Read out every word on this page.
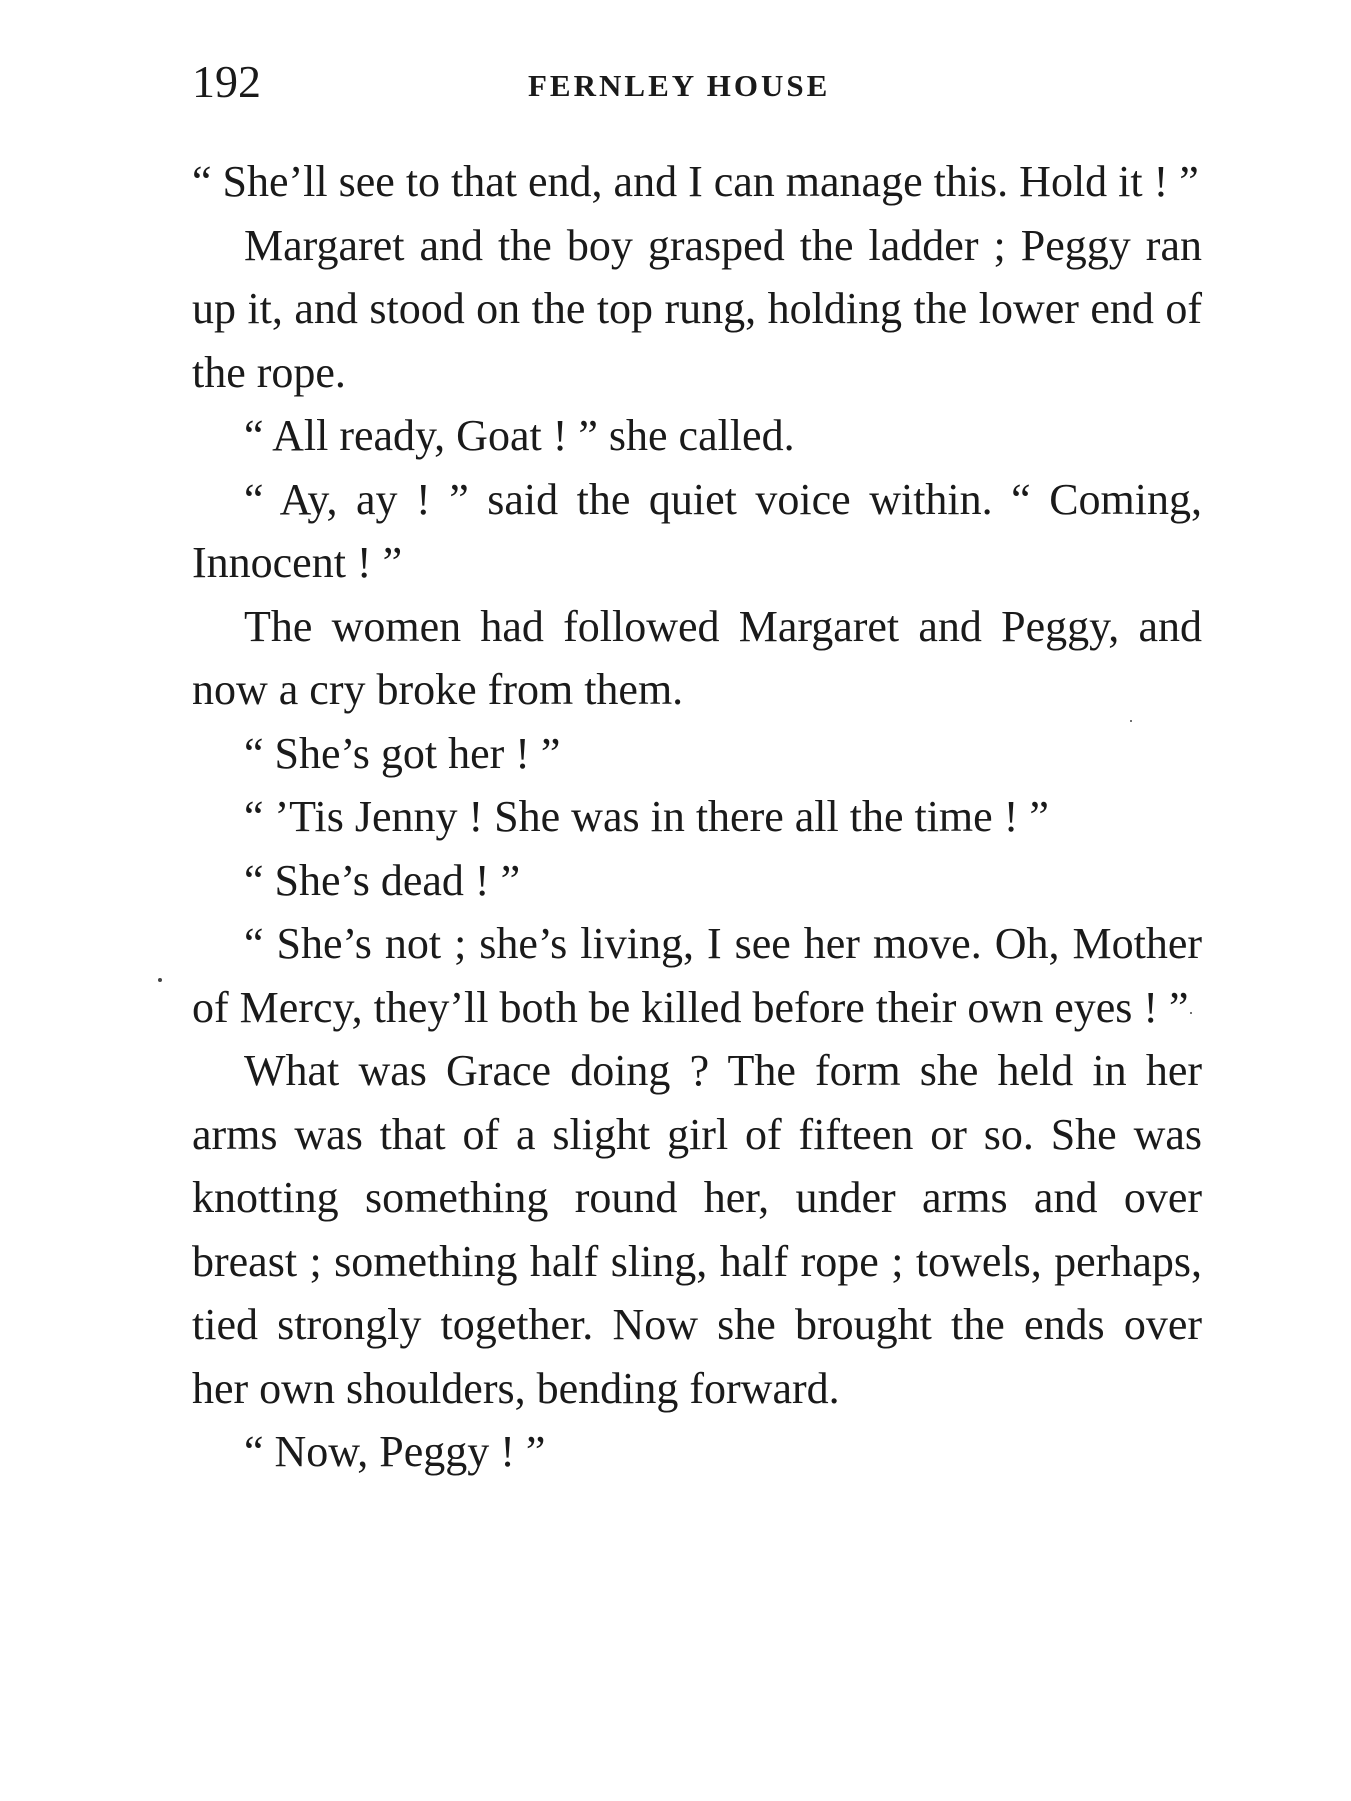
192	FERNLEY HOUSE

“ She’ll see to that end, and I can manage this. Hold it ! ”

Margaret and the boy grasped the ladder ; Peggy ran up it, and stood on the top rung, holding the lower end of the rope.

“ All ready, Goat ! ” she called.

“ Ay, ay ! ” said the quiet voice within. “ Coming, Innocent ! ”

The women had followed Margaret and Peggy, and now a cry broke from them.

“ She’s got her ! ”

“ ’Tis Jenny ! She was in there all the time ! ”

“ She’s dead ! ”

“ She’s not ; she’s living, I see her move. Oh, Mother of Mercy, they’ll both be killed before their own eyes ! ”

What was Grace doing ? The form she held in her arms was that of a slight girl of fifteen or so. She was knotting something round her, under arms and over breast ; something half sling, half rope ; towels, perhaps, tied strongly together. Now she brought the ends over her own shoulders, bending forward.

“ Now, Peggy ! ”
